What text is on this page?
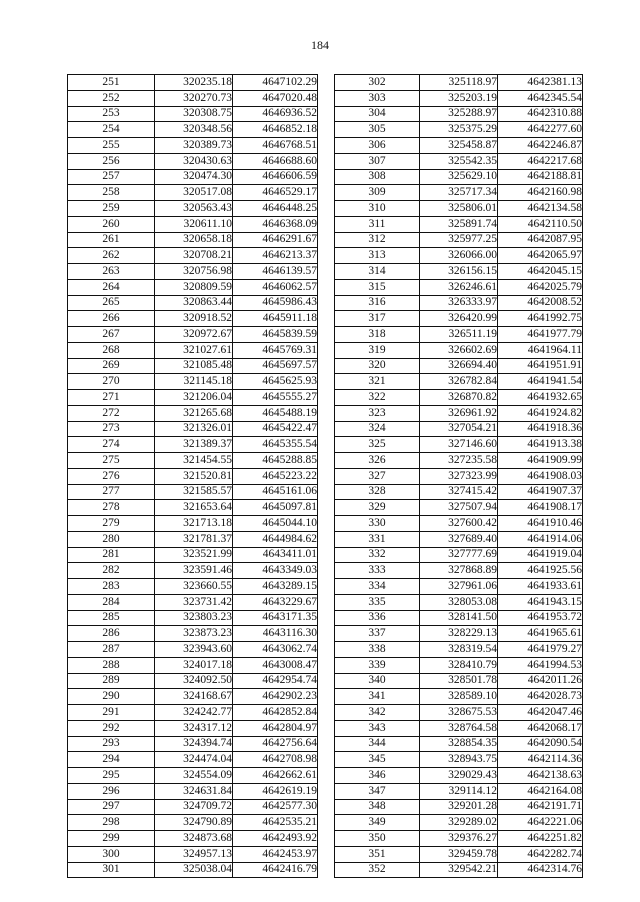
184
251	320235.18	4647102.29
252	320270.73	4647020.48
253	320308.75	4646936.52
254	320348.56	4646852.18
255	320389.73	4646768.51
256	320430.63	4646688.60
257	320474.30	4646606.59
258	320517.08	4646529.17
259	320563.43	4646448.25
260	320611.10	4646368.09
261	320658.18	4646291.67
262	320708.21	4646213.37
263	320756.98	4646139.57
264	320809.59	4646062.57
265	320863.44	4645986.43
266	320918.52	4645911.18
267	320972.67	4645839.59
268	321027.61	4645769.31
269	321085.48	4645697.57
270	321145.18	4645625.93
271	321206.04	4645555.27
272	321265.68	4645488.19
273	321326.01	4645422.47
274	321389.37	4645355.54
275	321454.55	4645288.85
276	321520.81	4645223.22
277	321585.57	4645161.06
278	321653.64	4645097.81
279	321713.18	4645044.10
280	321781.37	4644984.62
281	323521.99	4643411.01
282	323591.46	4643349.03
283	323660.55	4643289.15
284	323731.42	4643229.67
285	323803.23	4643171.35
286	323873.23	4643116.30
287	323943.60	4643062.74
288	324017.18	4643008.47
289	324092.50	4642954.74
290	324168.67	4642902.23
291	324242.77	4642852.84
292	324317.12	4642804.97
293	324394.74	4642756.64
294	324474.04	4642708.98
295	324554.09	4642662.61
296	324631.84	4642619.19
297	324709.72	4642577.30
298	324790.89	4642535.21
299	324873.68	4642493.92
300	324957.13	4642453.97
301	325038.04	4642416.79
302	325118.97	4642381.13
303	325203.19	4642345.54
304	325288.97	4642310.88
305	325375.29	4642277.60
306	325458.87	4642246.87
307	325542.35	4642217.68
308	325629.10	4642188.81
309	325717.34	4642160.98
310	325806.01	4642134.58
311	325891.74	4642110.50
312	325977.25	4642087.95
313	326066.00	4642065.97
314	326156.15	4642045.15
315	326246.61	4642025.79
316	326333.97	4642008.52
317	326420.99	4641992.75
318	326511.19	4641977.79
319	326602.69	4641964.11
320	326694.40	4641951.91
321	326782.84	4641941.54
322	326870.82	4641932.65
323	326961.92	4641924.82
324	327054.21	4641918.36
325	327146.60	4641913.38
326	327235.58	4641909.99
327	327323.99	4641908.03
328	327415.42	4641907.37
329	327507.94	4641908.17
330	327600.42	4641910.46
331	327689.40	4641914.06
332	327777.69	4641919.04
333	327868.89	4641925.56
334	327961.06	4641933.61
335	328053.08	4641943.15
336	328141.50	4641953.72
337	328229.13	4641965.61
338	328319.54	4641979.27
339	328410.79	4641994.53
340	328501.78	4642011.26
341	328589.10	4642028.73
342	328675.53	4642047.46
343	328764.58	4642068.17
344	328854.35	4642090.54
345	328943.75	4642114.36
346	329029.43	4642138.63
347	329114.12	4642164.08
348	329201.28	4642191.71
349	329289.02	4642221.06
350	329376.27	4642251.82
351	329459.78	4642282.74
352	329542.21	4642314.76
